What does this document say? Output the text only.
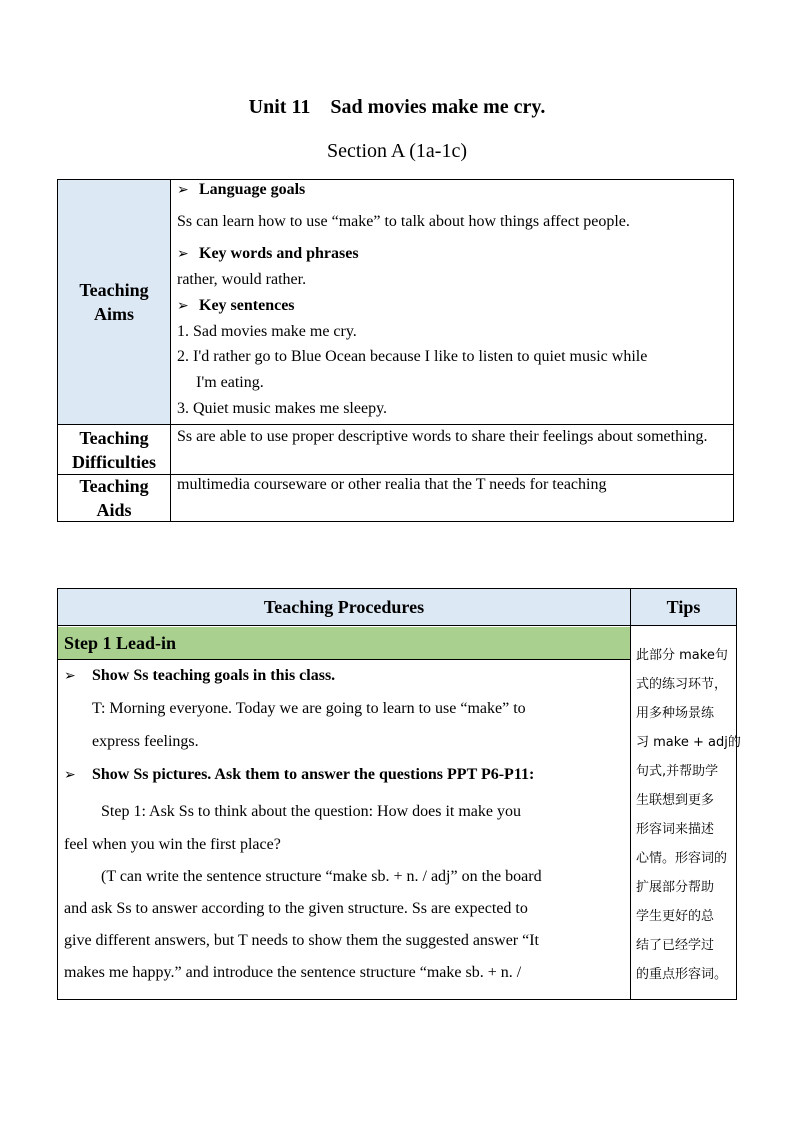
Unit 11    Sad movies make me cry.
Section A (1a-1c)
Teaching
Aims
➢ Language goals
Ss can learn how to use “make” to talk about how things affect people.
➢ Key words and phrases
rather, would rather.
➢ Key sentences
1. Sad movies make me cry.
2. I'd rather go to Blue Ocean because I like to listen to quiet music while
I'm eating.
3. Quiet music makes me sleepy.
Teaching
Difficulties
Ss are able to use proper descriptive words to share their feelings about something.
Teaching
Aids
multimedia courseware or other realia that the T needs for teaching
Teaching Procedures	Tips
Step 1 Lead-in
➢ Show Ss teaching goals in this class.
T: Morning everyone. Today we are going to learn to use “make” to
express feelings.
➢ Show Ss pictures. Ask them to answer the questions PPT P6-P11:
Step 1: Ask Ss to think about the question: How does it make you
feel when you win the first place?
(T can write the sentence structure “make sb. + n. / adj” on the board
and ask Ss to answer according to the given structure. Ss are expected to
give different answers, but T needs to show them the suggested answer “It
makes me happy.” and introduce the sentence structure “make sb. + n. /
此部分 make句
式的练习环节，
用多种场景练
习 make + adj的
句式,并帮助学
生联想到更多
形容词来描述
心情。形容词的
扩展部分帮助
学生更好的总
结了已经学过
的重点形容词。
